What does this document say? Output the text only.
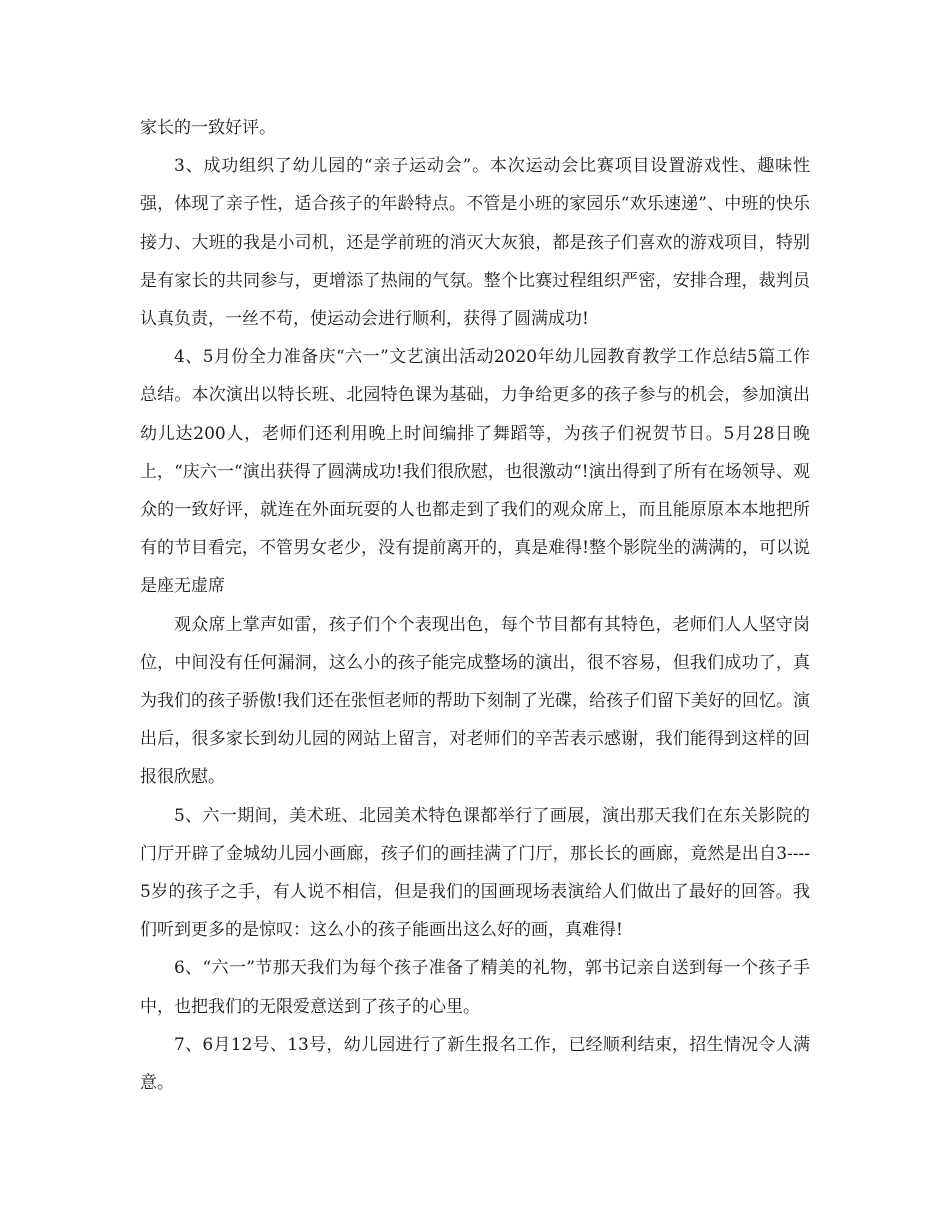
家长的一致好评。

3、成功组织了幼儿园的“亲子运动会”。本次运动会比赛项目设置游戏性、趣味性强，体现了亲子性，适合孩子的年龄特点。不管是小班的家园乐“欢乐速递”、中班的快乐接力、大班的我是小司机，还是学前班的消灭大灰狼，都是孩子们喜欢的游戏项目，特别是有家长的共同参与，更增添了热闹的气氛。整个比赛过程组织严密，安排合理，裁判员认真负责，一丝不苟，使运动会进行顺利，获得了圆满成功!

4、5月份全力准备庆“六一”文艺演出活动2020年幼儿园教育教学工作总结5篇工作总结。本次演出以特长班、北园特色课为基础，力争给更多的孩子参与的机会，参加演出幼儿达200人，老师们还利用晚上时间编排了舞蹈等，为孩子们祝贺节日。5月28日晚上，“庆六一“演出获得了圆满成功!我们很欣慰，也很激动“!演出得到了所有在场领导、观众的一致好评，就连在外面玩耍的人也都走到了我们的观众席上，而且能原原本本地把所有的节目看完，不管男女老少，没有提前离开的，真是难得!整个影院坐的满满的，可以说是座无虚席

观众席上掌声如雷，孩子们个个表现出色，每个节目都有其特色，老师们人人坚守岗位，中间没有任何漏洞，这么小的孩子能完成整场的演出，很不容易，但我们成功了，真为我们的孩子骄傲!我们还在张恒老师的帮助下刻制了光碟，给孩子们留下美好的回忆。演出后，很多家长到幼儿园的网站上留言，对老师们的辛苦表示感谢，我们能得到这样的回报很欣慰。

5、六一期间，美术班、北园美术特色课都举行了画展，演出那天我们在东关影院的门厅开辟了金城幼儿园小画廊，孩子们的画挂满了门厅，那长长的画廊，竟然是出自3----5岁的孩子之手，有人说不相信，但是我们的国画现场表演给人们做出了最好的回答。我们听到更多的是惊叹：这么小的孩子能画出这么好的画，真难得!

6、“六一”节那天我们为每个孩子准备了精美的礼物，郭书记亲自送到每一个孩子手中，也把我们的无限爱意送到了孩子的心里。

7、6月12号、13号，幼儿园进行了新生报名工作，已经顺利结束，招生情况令人满意。
